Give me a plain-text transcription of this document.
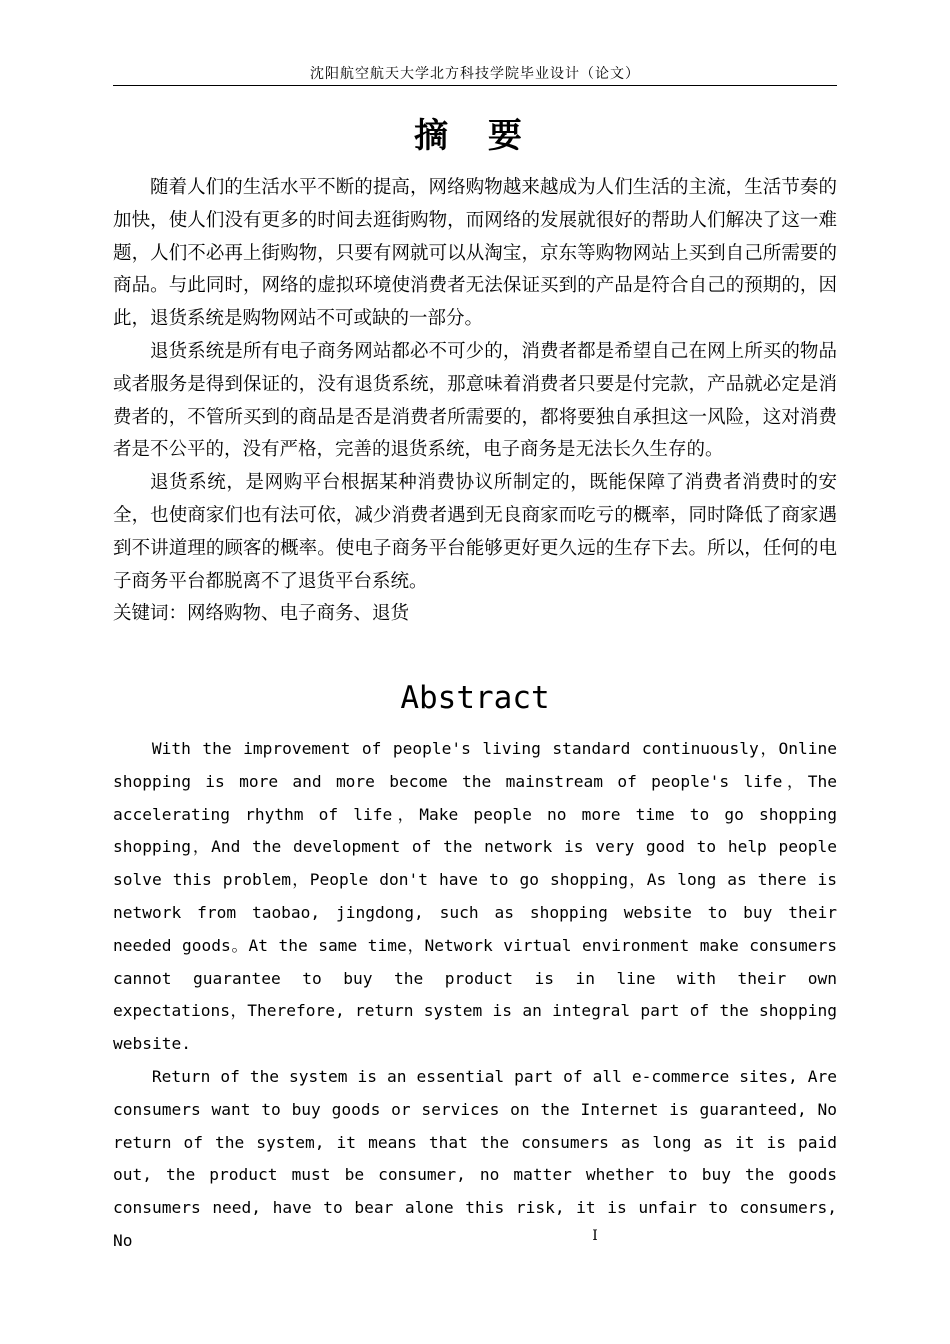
沈阳航空航天大学北方科技学院毕业设计（论文）
摘 要

随着人们的生活水平不断的提高，网络购物越来越成为人们生活的主流，生活节奏的加快，使人们没有更多的时间去逛街购物，而网络的发展就很好的帮助人们解决了这一难题，人们不必再上街购物，只要有网就可以从淘宝，京东等购物网站上买到自己所需要的商品。与此同时，网络的虚拟环境使消费者无法保证买到的产品是符合自己的预期的，因此，退货系统是购物网站不可或缺的一部分。

退货系统是所有电子商务网站都必不可少的，消费者都是希望自己在网上所买的物品或者服务是得到保证的，没有退货系统，那意味着消费者只要是付完款，产品就必定是消费者的，不管所买到的商品是否是消费者所需要的，都将要独自承担这一风险，这对消费者是不公平的，没有严格，完善的退货系统，电子商务是无法长久生存的。

退货系统，是网购平台根据某种消费协议所制定的，既能保障了消费者消费时的安全，也使商家们也有法可依，减少消费者遇到无良商家而吃亏的概率，同时降低了商家遇到不讲道理的顾客的概率。使电子商务平台能够更好更久远的生存下去。所以，任何的电子商务平台都脱离不了退货平台系统。

关键词：网络购物、电子商务、退货

Abstract

With the improvement of people's living standard continuously，Online shopping is more and more become the mainstream of people's life，The accelerating rhythm of life，Make people no more time to go shopping shopping，And the development of the network is very good to help people solve this problem，People don't have to go shopping，As long as there is network from taobao, jingdong, such as shopping website to buy their needed goods。At the same time，Network virtual environment make consumers cannot guarantee to buy the product is in line with their own expectations，Therefore, return system is an integral part of the shopping website.

Return of the system is an essential part of all e-commerce sites, Are consumers want to buy goods or services on the Internet is guaranteed, No return of the system, it means that the consumers as long as it is paid out, the product must be consumer, no matter whether to buy the goods consumers need, have to bear alone this risk, it is unfair to consumers, No	I
